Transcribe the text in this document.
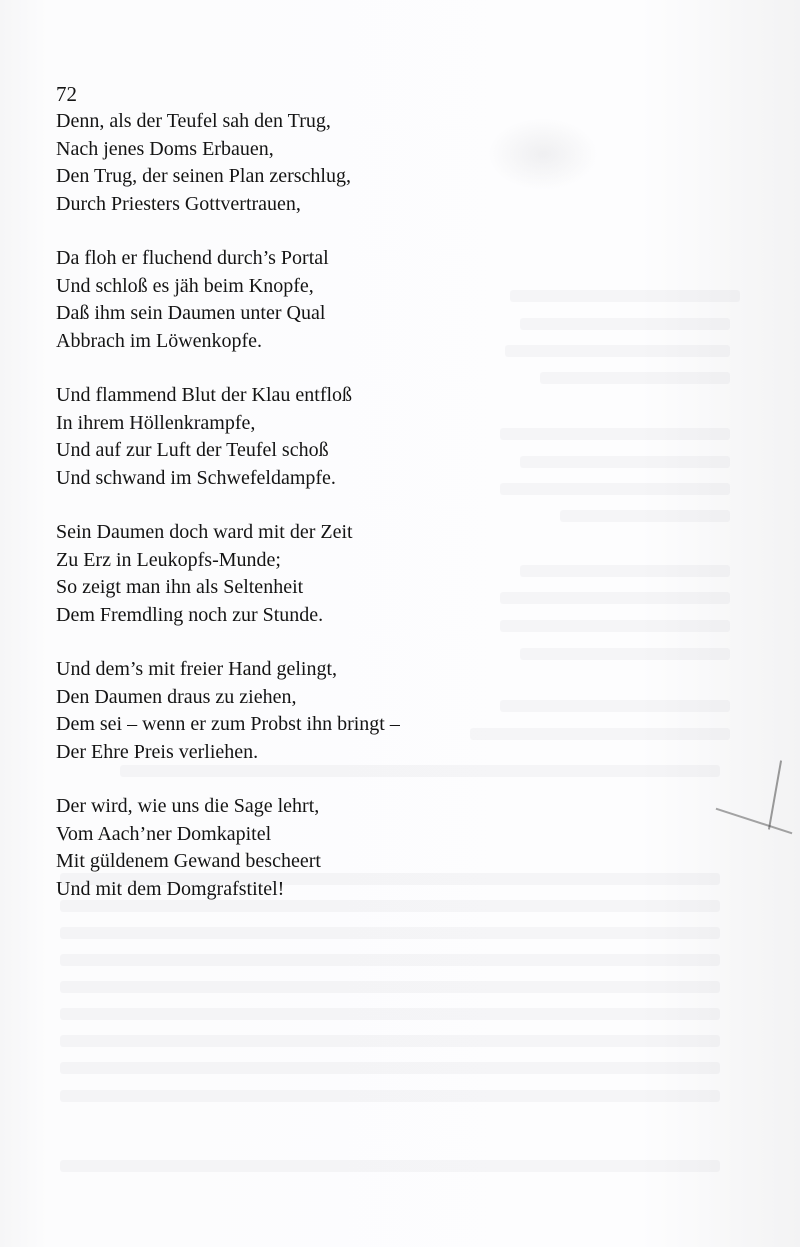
72
Denn, als der Teufel sah den Trug,
Nach jenes Doms Erbauen,
Den Trug, der seinen Plan zerschlug,
Durch Priesters Gottvertrauen,
Da floh er fluchend durch’s Portal
Und schloß es jäh beim Knopfe,
Daß ihm sein Daumen unter Qual
Abbrach im Löwenkopfe.
Und flammend Blut der Klau entfloß
In ihrem Höllenkrampfe,
Und auf zur Luft der Teufel schoß
Und schwand im Schwefeldampfe.
Sein Daumen doch ward mit der Zeit
Zu Erz in Leukopfs-Munde;
So zeigt man ihn als Seltenheit
Dem Fremdling noch zur Stunde.
Und dem’s mit freier Hand gelingt,
Den Daumen draus zu ziehen,
Dem sei – wenn er zum Probst ihn bringt –
Der Ehre Preis verliehen.
Der wird, wie uns die Sage lehrt,
Vom Aach’ner Domkapitel
Mit güldenem Gewand bescheert
Und mit dem Domgrafstitel!
